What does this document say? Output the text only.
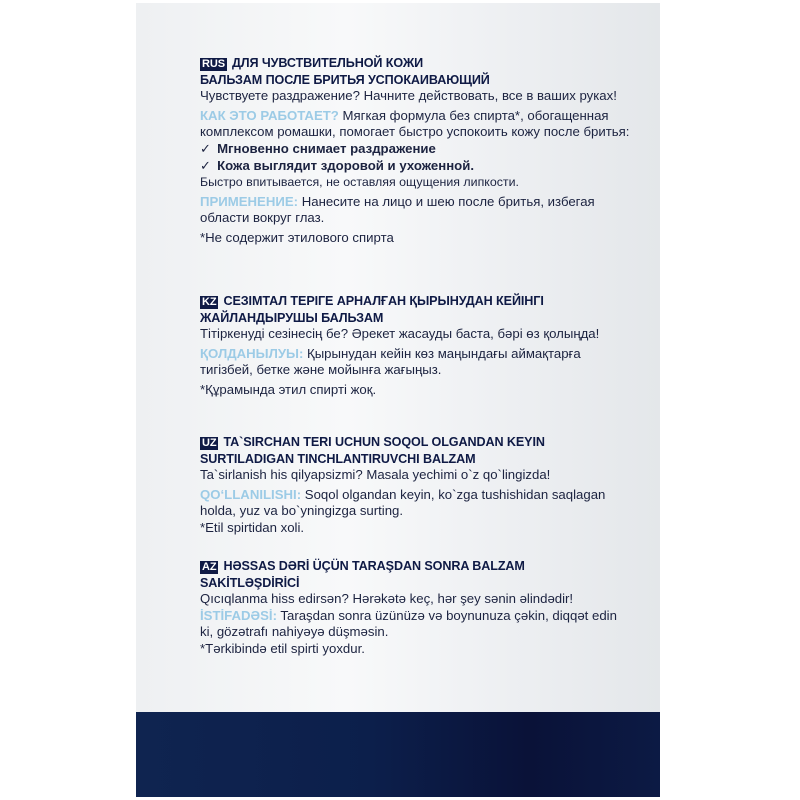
RUS ДЛЯ ЧУВСТВИТЕЛЬНОЙ КОЖИ
БАЛЬЗАМ ПОСЛЕ БРИТЬЯ УСПОКАИВАЮЩИЙ

Чувствуете раздражение? Начните действовать, все в ваших руках!

КАК ЭТО РАБОТАЕТ? Мягкая формула без спирта*, обогащенная комплексом ромашки, помогает быстро успокоить кожу после бритья:

✓ Мгновенно снимает раздражение
✓ Кожа выглядит здоровой и ухоженной.

Быстро впитывается, не оставляя ощущения липкости.

ПРИМЕНЕНИЕ: Нанесите на лицо и шею после бритья, избегая области вокруг глаз.

*Не содержит этилового спирта

KZ СЕЗІМТАЛ ТЕРІГЕ АРНАЛҒАН ҚЫРЫНУДАН КЕЙІНГІ
ЖАЙЛАНДЫРУШЫ БАЛЬЗАМ

Тітіркенуді сезінесің бе? Әрекет жасауды баста, бәрі өз қолыңда!

ҚОЛДАНЫЛУЫ: Қырынудан кейін көз маңындағы аймақтарға тигізбей, бетке және мойынға жағыңыз.

*Құрамында этил спирті жоқ.

UZ TA`SIRCHAN TERI UCHUN SOQOL OLGANDAN KEYIN
SURTILADIGAN TINCHLANTIRUVCHI BALZAM

Ta`sirlanish his qilyapsizmi? Masala yechimi o`z qo`lingizda!

QO‘LLANILISHI: Soqol olgandan keyin, ko`zga tushishidan saqlagan holda, yuz va bo`yningizga surting.

*Etil spirtidan xoli.

AZ HƏSSAS DƏRİ ÜÇÜN TARAŞDAN SONRA BALZAM
SAKİTLƏŞDİRİCİ

Qıcıqlanma hiss edirsən? Hərəkətə keç, hər şey sənin əlindədir!

İSTİFADƏSİ: Taraşdan sonra üzünüzə və boynunuza çəkin, diqqət edin ki, gözətrafı nahiyəyə düşməsin.

*Tərkibində etil spirti yoxdur.
